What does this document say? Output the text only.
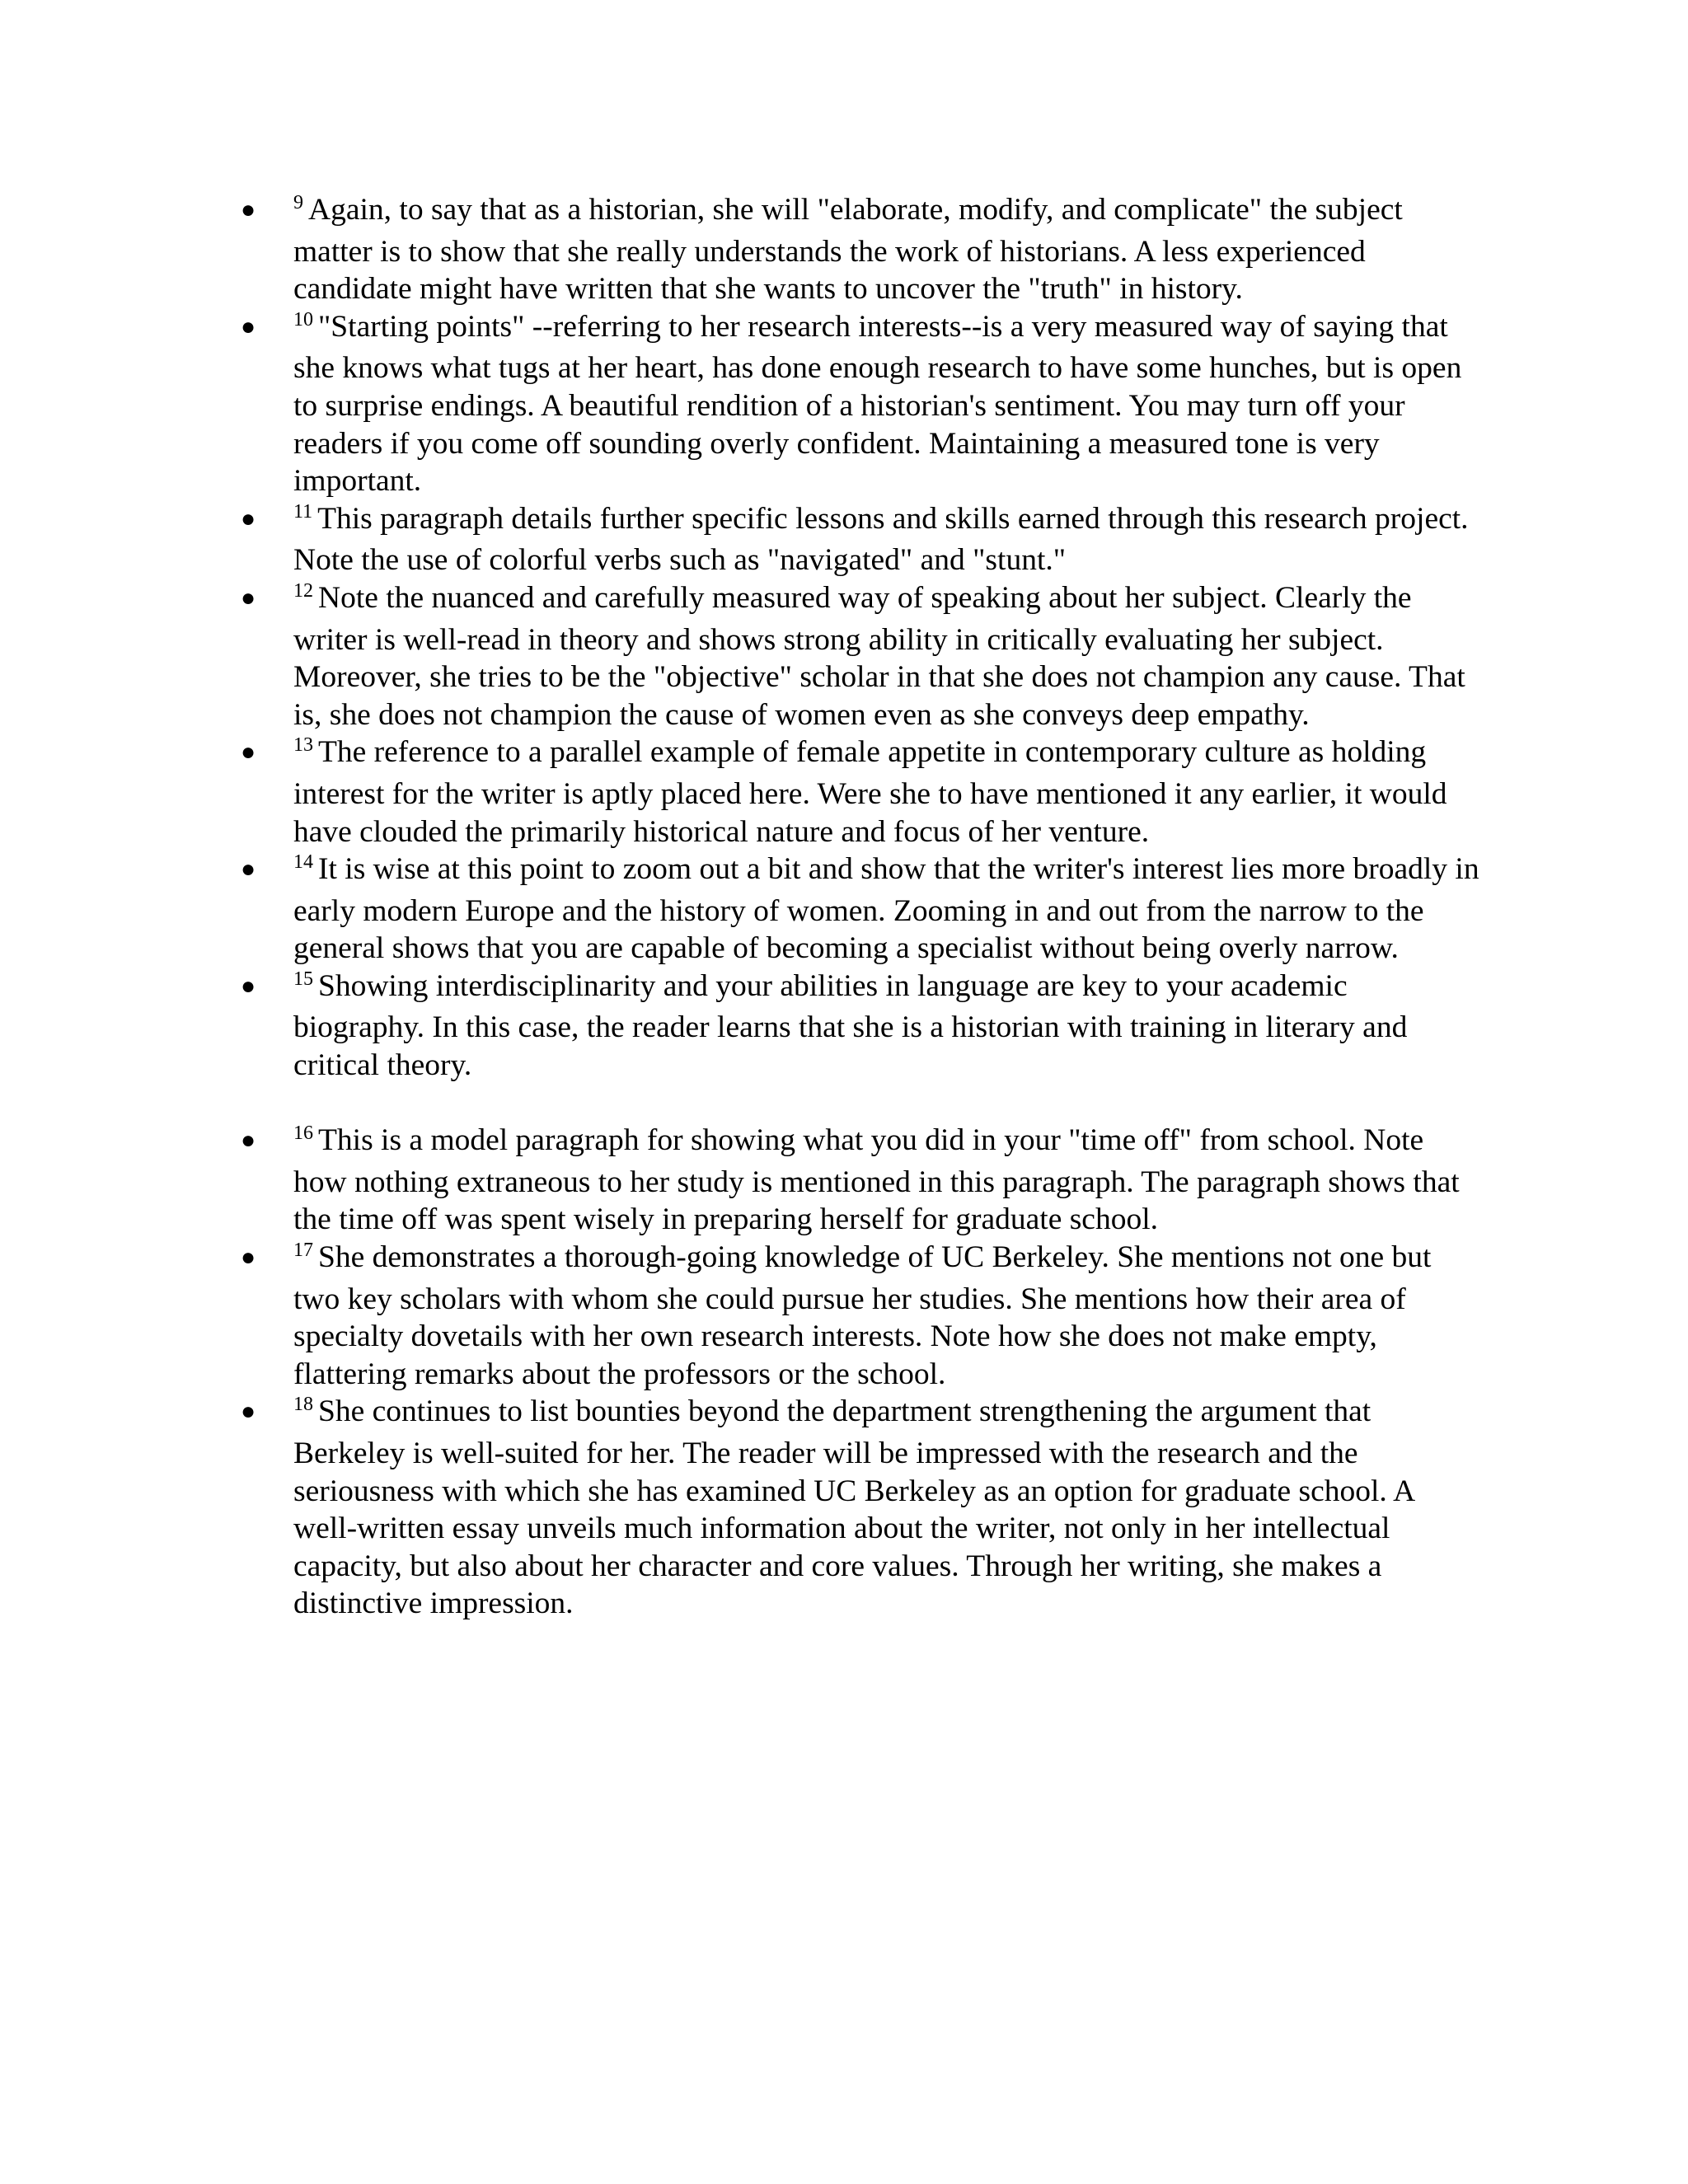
● $^9$ Again, to say that as a historian, she will "elaborate, modify, and complicate" the subject matter is to show that she really understands the work of historians. A less experienced candidate might have written that she wants to uncover the "truth" in history.
● $^{10}$ "Starting points" --referring to her research interests--is a very measured way of saying that she knows what tugs at her heart, has done enough research to have some hunches, but is open to surprise endings. A beautiful rendition of a historian's sentiment. You may turn off your readers if you come off sounding overly confident. Maintaining a measured tone is very important.
● $^{11}$ This paragraph details further specific lessons and skills earned through this research project. Note the use of colorful verbs such as "navigated" and "stunt."
● $^{12}$ Note the nuanced and carefully measured way of speaking about her subject. Clearly the writer is well-read in theory and shows strong ability in critically evaluating her subject. Moreover, she tries to be the "objective" scholar in that she does not champion any cause. That is, she does not champion the cause of women even as she conveys deep empathy.
● $^{13}$ The reference to a parallel example of female appetite in contemporary culture as holding interest for the writer is aptly placed here. Were she to have mentioned it any earlier, it would have clouded the primarily historical nature and focus of her venture.
● $^{14}$ It is wise at this point to zoom out a bit and show that the writer's interest lies more broadly in early modern Europe and the history of women. Zooming in and out from the narrow to the general shows that you are capable of becoming a specialist without being overly narrow.
● $^{15}$ Showing interdisciplinarity and your abilities in language are key to your academic biography. In this case, the reader learns that she is a historian with training in literary and critical theory.
● $^{16}$ This is a model paragraph for showing what you did in your "time off" from school. Note how nothing extraneous to her study is mentioned in this paragraph. The paragraph shows that the time off was spent wisely in preparing herself for graduate school.
● $^{17}$ She demonstrates a thorough-going knowledge of UC Berkeley. She mentions not one but two key scholars with whom she could pursue her studies. She mentions how their area of specialty dovetails with her own research interests. Note how she does not make empty, flattering remarks about the professors or the school.
● $^{18}$ She continues to list bounties beyond the department strengthening the argument that Berkeley is well-suited for her. The reader will be impressed with the research and the seriousness with which she has examined UC Berkeley as an option for graduate school. A well-written essay unveils much information about the writer, not only in her intellectual capacity, but also about her character and core values. Through her writing, she makes a distinctive impression.
